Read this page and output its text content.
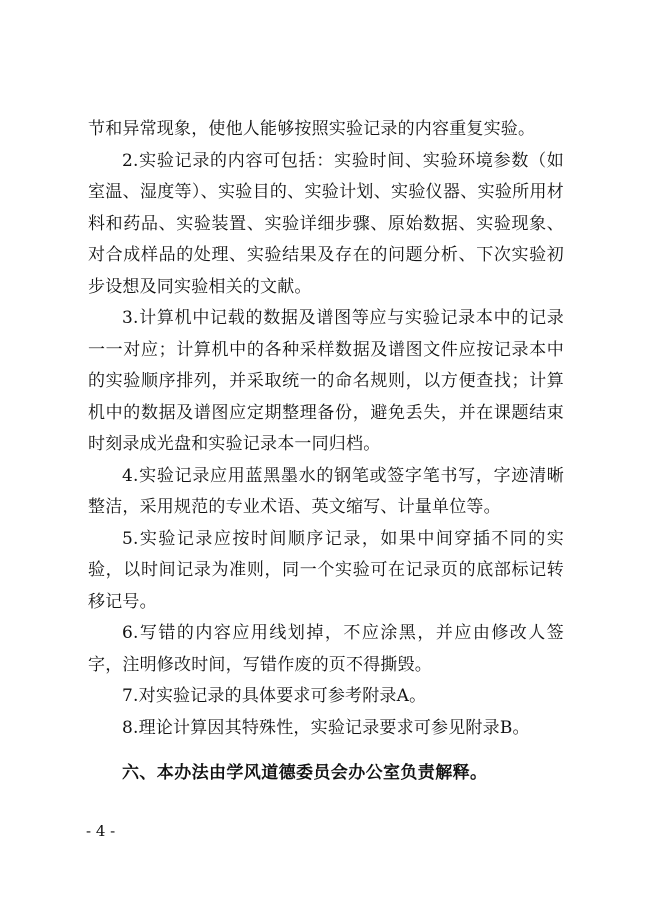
节和异常现象，使他人能够按照实验记录的内容重复实验。

2.实验记录的内容可包括：实验时间、实验环境参数（如室温、湿度等）、实验目的、实验计划、实验仪器、实验所用材料和药品、实验装置、实验详细步骤、原始数据、实验现象、对合成样品的处理、实验结果及存在的问题分析、下次实验初步设想及同实验相关的文献。

3.计算机中记载的数据及谱图等应与实验记录本中的记录一一对应；计算机中的各种采样数据及谱图文件应按记录本中的实验顺序排列，并采取统一的命名规则，以方便查找；计算机中的数据及谱图应定期整理备份，避免丢失，并在课题结束时刻录成光盘和实验记录本一同归档。

4.实验记录应用蓝黑墨水的钢笔或签字笔书写，字迹清晰整洁，采用规范的专业术语、英文缩写、计量单位等。

5.实验记录应按时间顺序记录，如果中间穿插不同的实验，以时间记录为准则，同一个实验可在记录页的底部标记转移记号。

6.写错的内容应用线划掉，不应涂黑，并应由修改人签字，注明修改时间，写错作废的页不得撕毁。

7.对实验记录的具体要求可参考附录A。

8.理论计算因其特殊性，实验记录要求可参见附录B。

六、本办法由学风道德委员会办公室负责解释。

- 4 -
